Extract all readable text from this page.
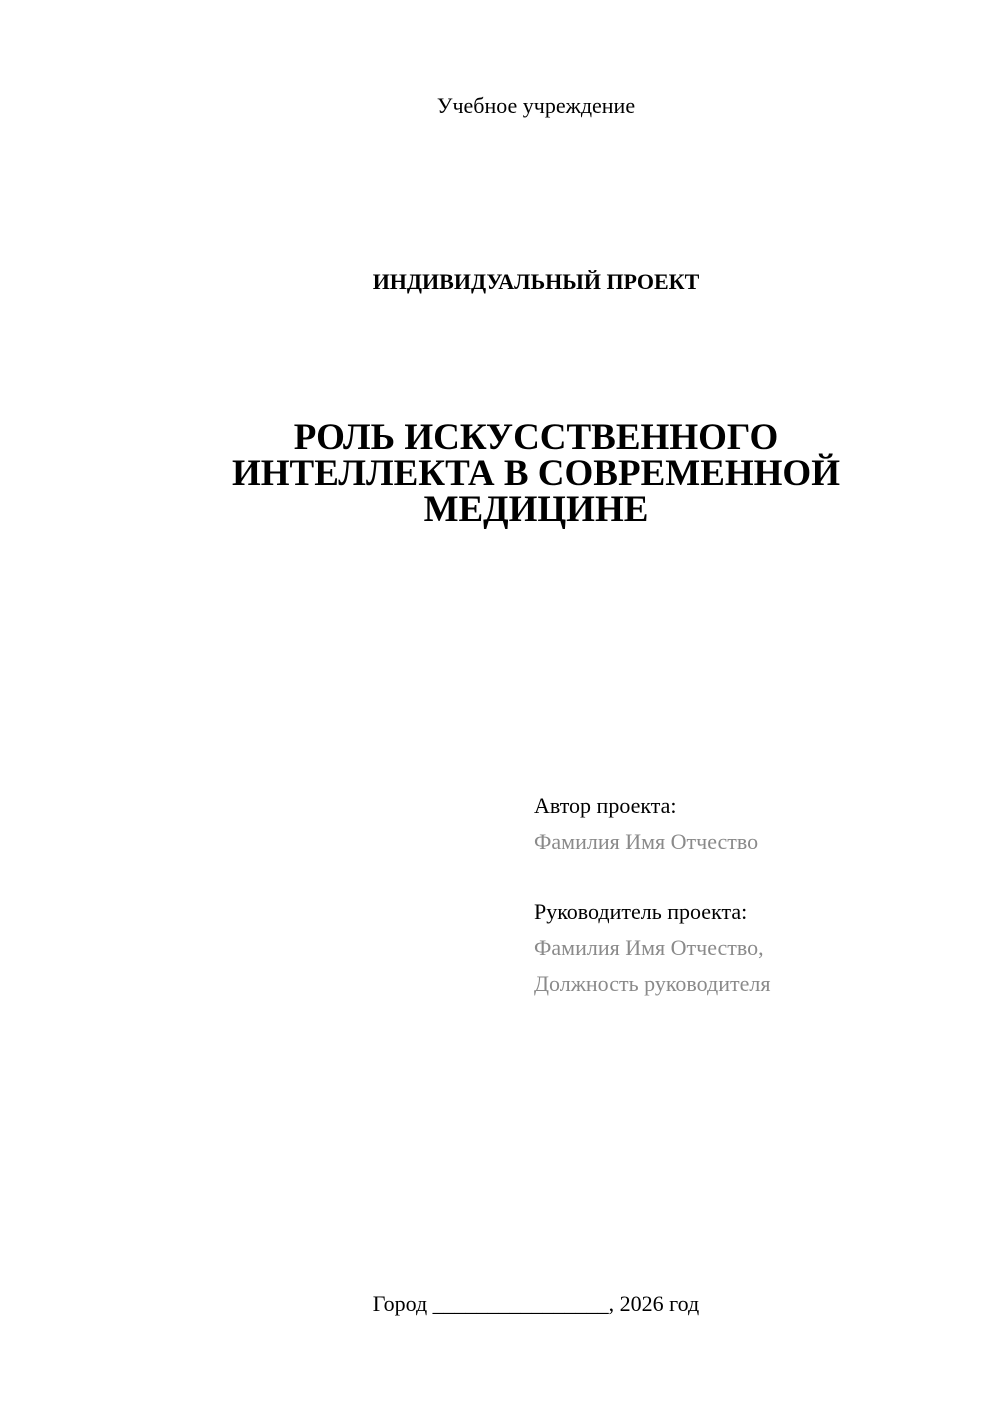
Учебное учреждение
ИНДИВИДУАЛЬНЫЙ ПРОЕКТ
РОЛЬ ИСКУССТВЕННОГО
ИНТЕЛЛЕКТА В СОВРЕМЕННОЙ
МЕДИЦИНЕ
Автор проекта:
Фамилия Имя Отчество
Руководитель проекта:
Фамилия Имя Отчество,
Должность руководителя
Город ________________, 2026 год
